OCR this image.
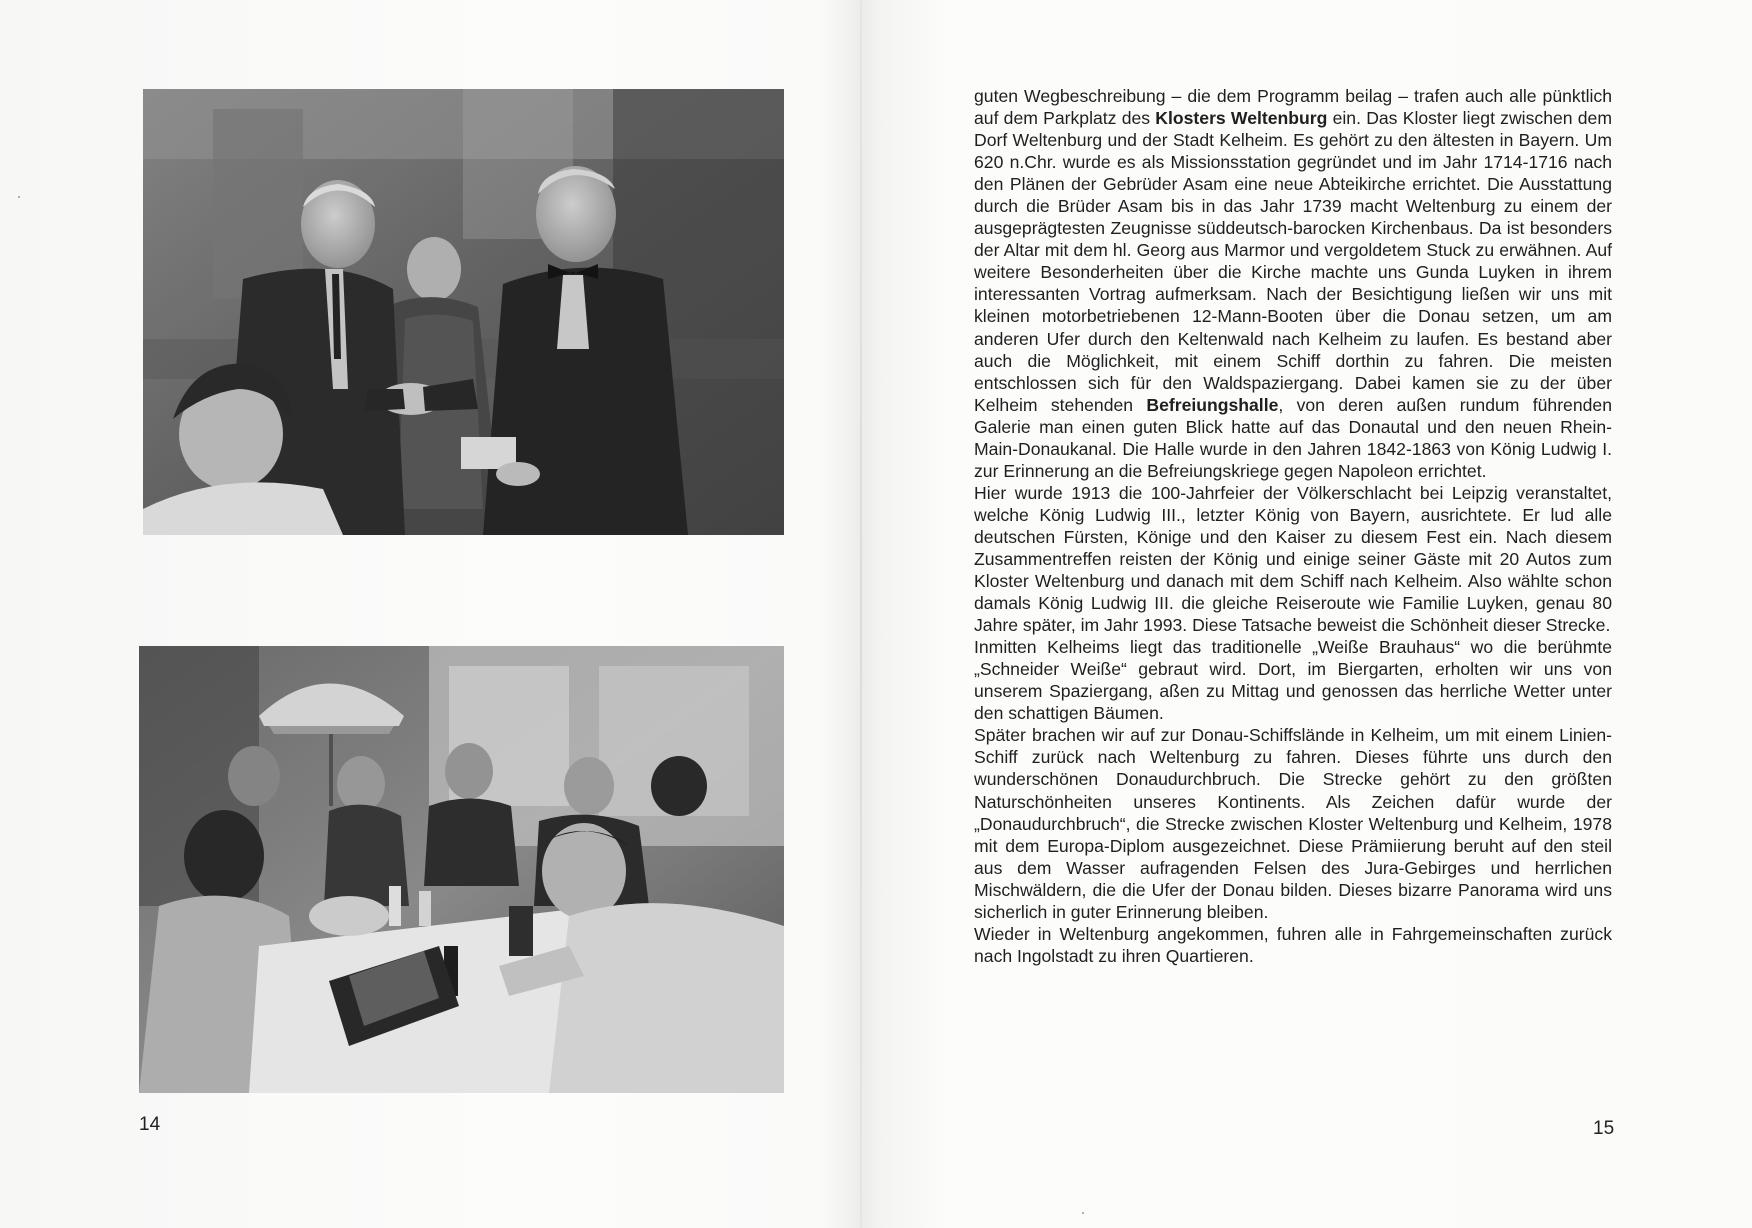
14

guten Wegbeschreibung – die dem Programm beilag – trafen auch alle pünktlich auf dem Parkplatz des Klosters Weltenburg ein. Das Kloster liegt zwischen dem Dorf Weltenburg und der Stadt Kelheim. Es gehört zu den ältesten in Bayern. Um 620 n.Chr. wurde es als Missionsstation gegründet und im Jahr 1714-1716 nach den Plänen der Gebrüder Asam eine neue Abteikirche errichtet. Die Ausstattung durch die Brüder Asam bis in das Jahr 1739 macht Weltenburg zu einem der ausgeprägtesten Zeugnisse süddeutsch-barocken Kirchenbaus. Da ist besonders der Altar mit dem hl. Georg aus Marmor und vergoldetem Stuck zu erwähnen. Auf weitere Besonderheiten über die Kirche machte uns Gunda Luyken in ihrem interessanten Vortrag aufmerksam. Nach der Besichtigung ließen wir uns mit kleinen motorbetriebenen 12-Mann-Booten über die Donau setzen, um am anderen Ufer durch den Keltenwald nach Kelheim zu laufen. Es bestand aber auch die Möglichkeit, mit einem Schiff dorthin zu fahren. Die meisten entschlossen sich für den Waldspaziergang. Dabei kamen sie zu der über Kelheim stehenden Befreiungshalle, von deren außen rundum führenden Galerie man einen guten Blick hatte auf das Donautal und den neuen Rhein-Main-Donaukanal. Die Halle wurde in den Jahren 1842-1863 von König Ludwig I. zur Erinnerung an die Befreiungskriege gegen Napoleon errichtet.

Hier wurde 1913 die 100-Jahrfeier der Völkerschlacht bei Leipzig veranstaltet, welche König Ludwig III., letzter König von Bayern, ausrichtete. Er lud alle deutschen Fürsten, Könige und den Kaiser zu diesem Fest ein. Nach diesem Zusammentreffen reisten der König und einige seiner Gäste mit 20 Autos zum Kloster Weltenburg und danach mit dem Schiff nach Kelheim. Also wählte schon damals König Ludwig III. die gleiche Reiseroute wie Familie Luyken, genau 80 Jahre später, im Jahr 1993. Diese Tatsache beweist die Schönheit dieser Strecke.

Inmitten Kelheims liegt das traditionelle „Weiße Brauhaus“ wo die berühmte „Schneider Weiße“ gebraut wird. Dort, im Biergarten, erholten wir uns von unserem Spaziergang, aßen zu Mittag und genossen das herrliche Wetter unter den schattigen Bäumen.

Später brachen wir auf zur Donau-Schiffslände in Kelheim, um mit einem Linien-Schiff zurück nach Weltenburg zu fahren. Dieses führte uns durch den wunderschönen Donaudurchbruch. Die Strecke gehört zu den größten Naturschönheiten unseres Kontinents. Als Zeichen dafür wurde der „Donaudurchbruch“, die Strecke zwischen Kloster Weltenburg und Kelheim, 1978 mit dem Europa-Diplom ausgezeichnet. Diese Prämiierung beruht auf den steil aus dem Wasser aufragenden Felsen des Jura-Gebirges und herrlichen Mischwäldern, die die Ufer der Donau bilden. Dieses bizarre Panorama wird uns sicherlich in guter Erinnerung bleiben.

Wieder in Weltenburg angekommen, fuhren alle in Fahrgemeinschaften zurück nach Ingolstadt zu ihren Quartieren.

15
